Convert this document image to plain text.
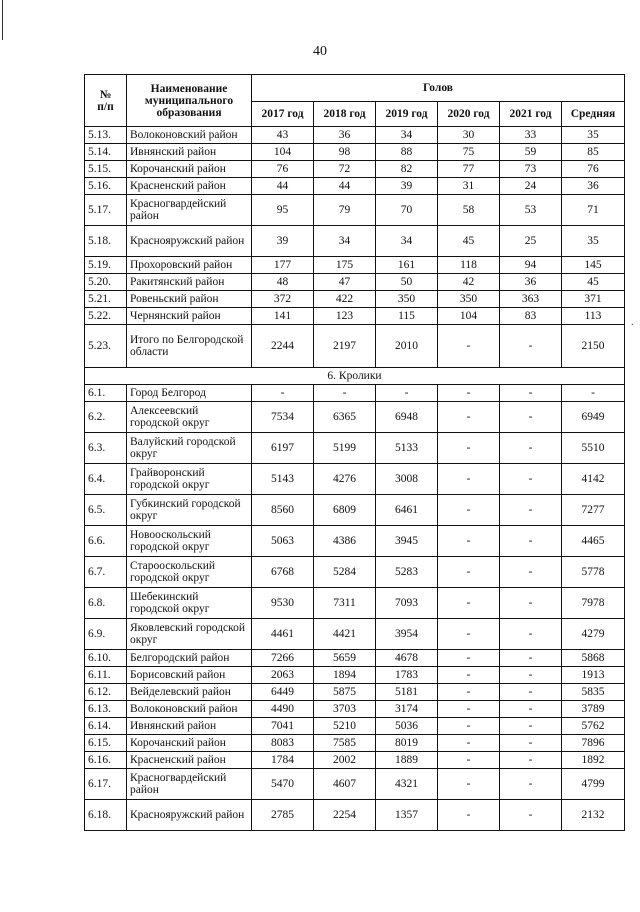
40
·
№
п/п	Наименование муниципального образования	Голов					
		2017 год	2018 год	2019 год	2020 год	2021 год	Средняя
5.13.	Волоконовский район	43	36	34	30	33	35
5.14.	Ивнянский район	104	98	88	75	59	85
5.15.	Корочанский район	76	72	82	77	73	76
5.16.	Красненский район	44	44	39	31	24	36
5.17.	Красногвардейский район	95	79	70	58	53	71
5.18.	Краснояружский район	39	34	34	45	25	35
5.19.	Прохоровский район	177	175	161	118	94	145
5.20.	Ракитянский район	48	47	50	42	36	45
5.21.	Ровеньский район	372	422	350	350	363	371
5.22.	Чернянский район	141	123	115	104	83	113
5.23.	Итого по Белгородской области	2244	2197	2010	-	-	2150
6. Кролики							
6.1.	Город Белгород	-	-	-	-	-	-
6.2.	Алексеевский городской округ	7534	6365	6948	-	-	6949
6.3.	Валуйский городской округ	6197	5199	5133	-	-	5510
6.4.	Грайворонский городской округ	5143	4276	3008	-	-	4142
6.5.	Губкинский городской округ	8560	6809	6461	-	-	7277
6.6.	Новооскольский городской округ	5063	4386	3945	-	-	4465
6.7.	Старооскольский городской округ	6768	5284	5283	-	-	5778
6.8.	Шебекинский городской округ	9530	7311	7093	-	-	7978
6.9.	Яковлевский городской округ	4461	4421	3954	-	-	4279
6.10.	Белгородский район	7266	5659	4678	-	-	5868
6.11.	Борисовский район	2063	1894	1783	-	-	1913
6.12.	Вейделевский район	6449	5875	5181	-	-	5835
6.13.	Волоконовский район	4490	3703	3174	-	-	3789
6.14.	Ивнянский район	7041	5210	5036	-	-	5762
6.15.	Корочанский район	8083	7585	8019	-	-	7896
6.16.	Красненский район	1784	2002	1889	-	-	1892
6.17.	Красногвардейский район	5470	4607	4321	-	-	4799
6.18.	Краснояружский район	2785	2254	1357	-	-	2132
